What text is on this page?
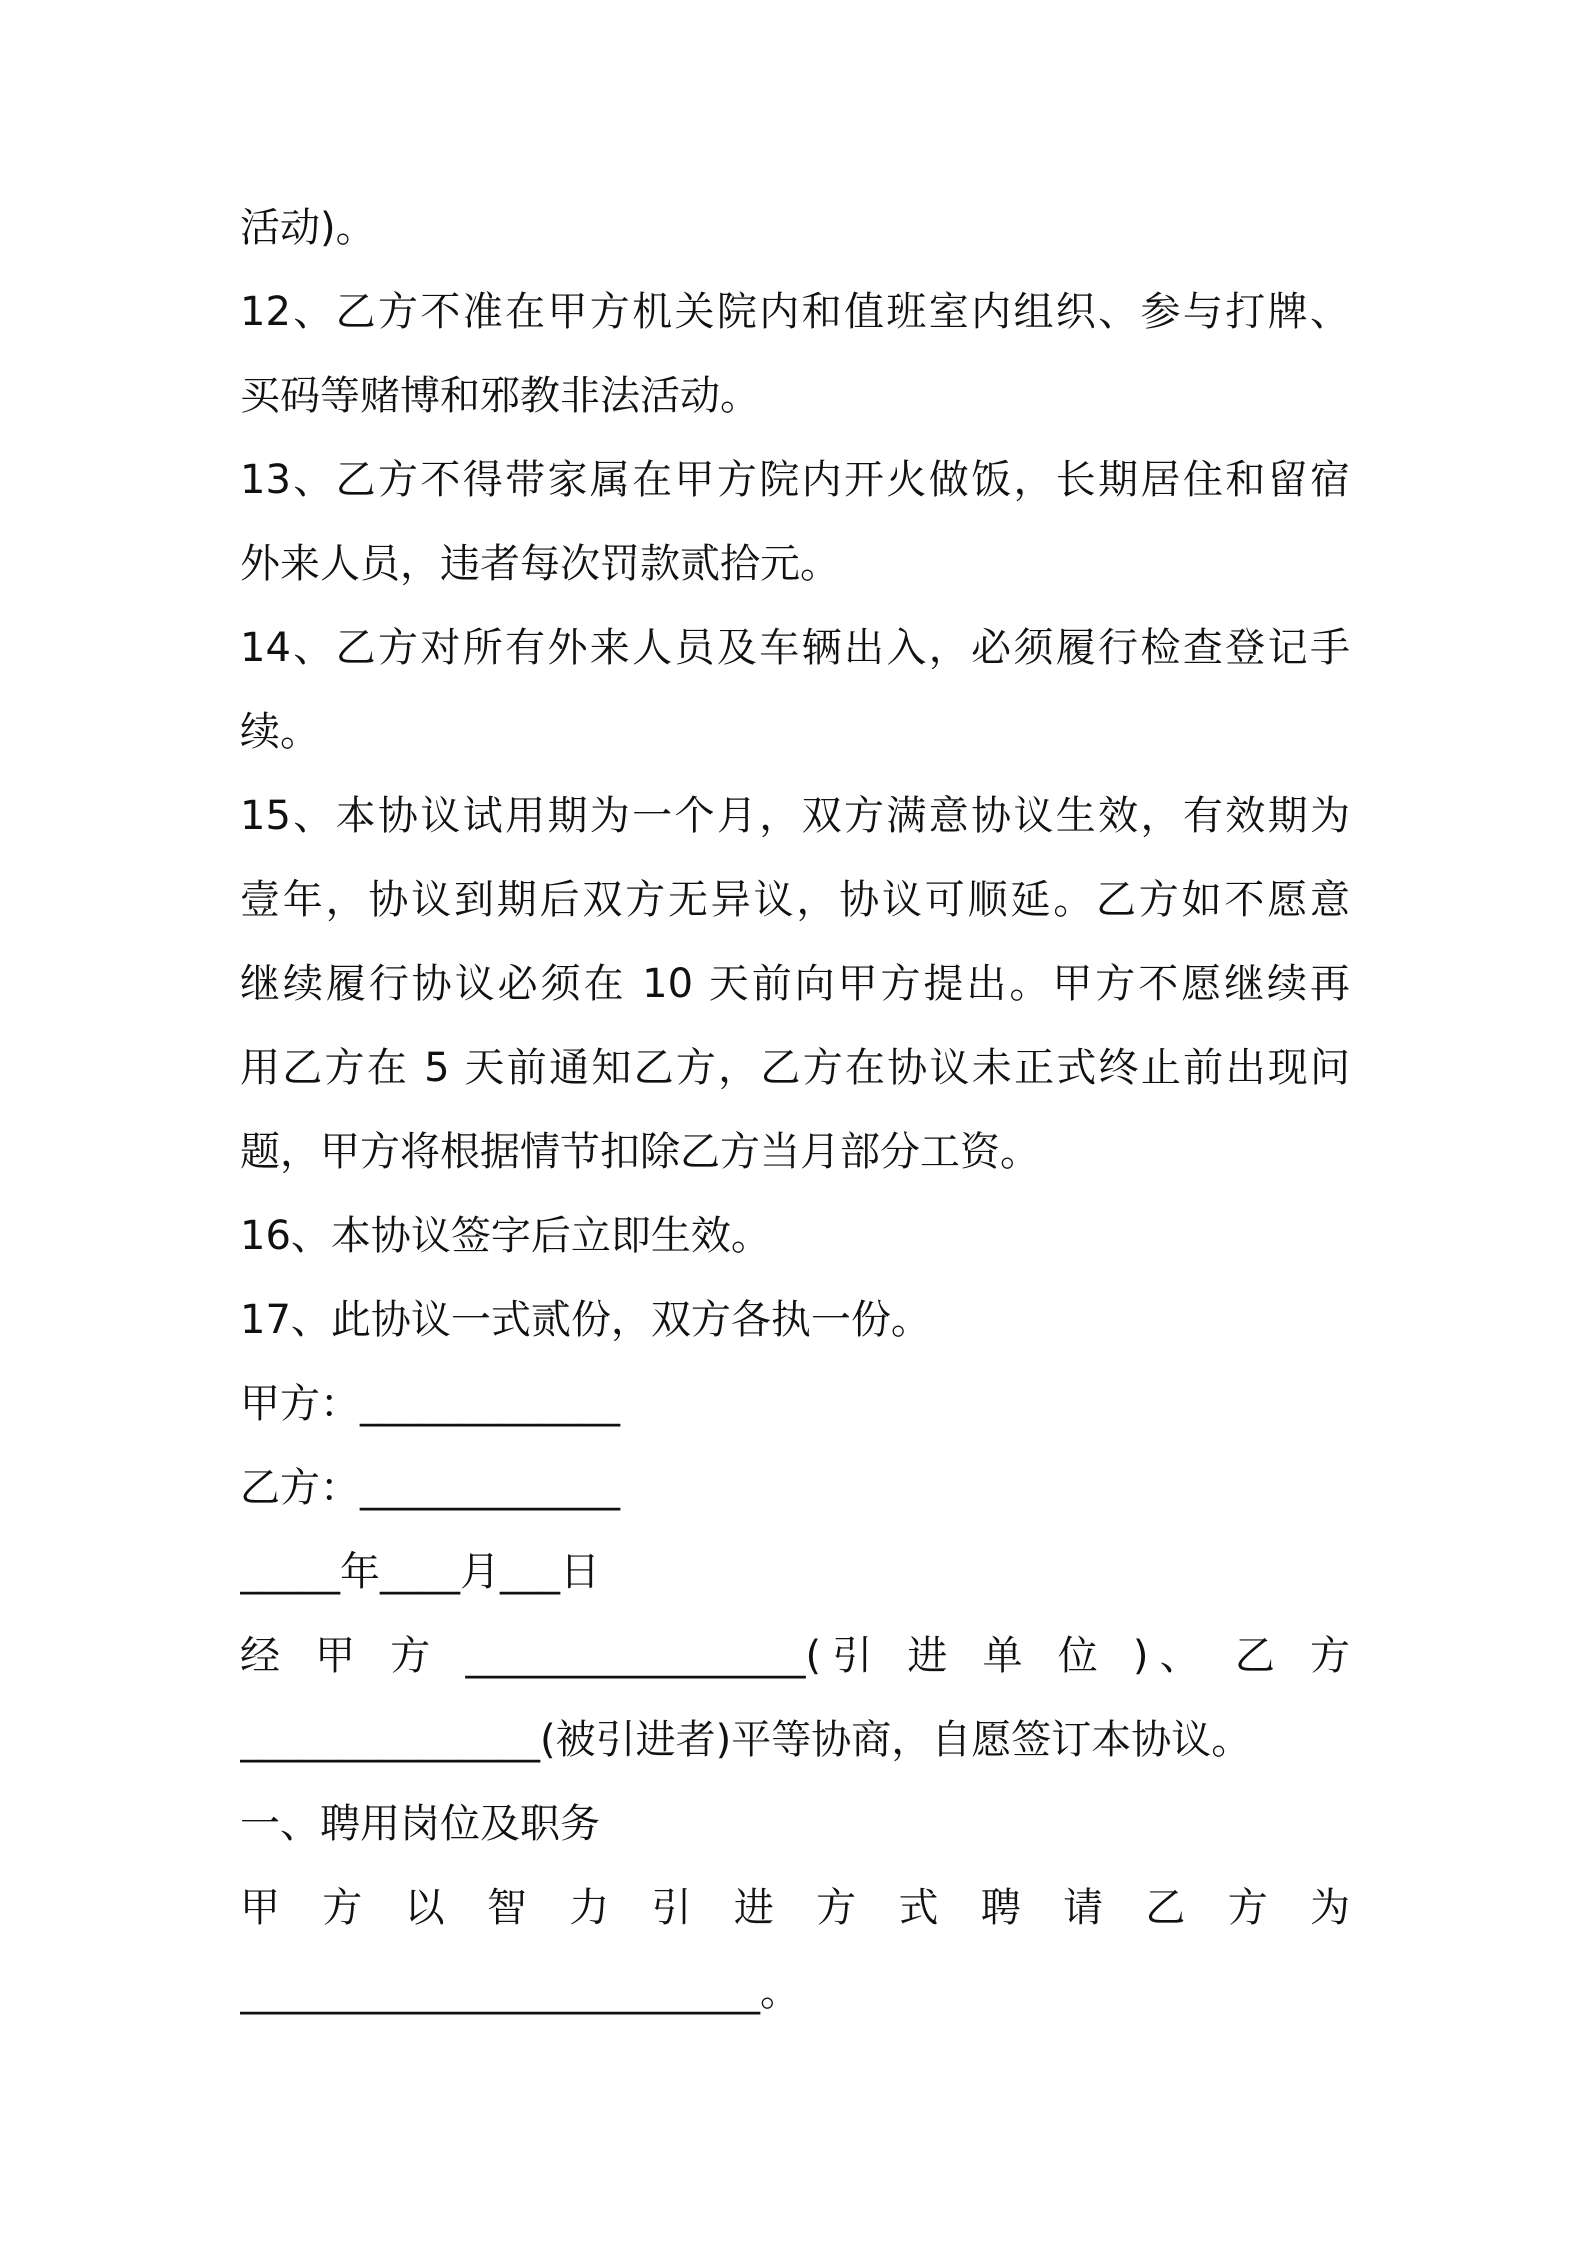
活动)。
12、乙方不准在甲方机关院内和值班室内组织、参与打牌、
买码等赌博和邪教非法活动。
13、乙方不得带家属在甲方院内开火做饭，长期居住和留宿
外来人员，违者每次罚款贰拾元。
14、乙方对所有外来人员及车辆出入，必须履行检查登记手
续。
15、本协议试用期为一个月，双方满意协议生效，有效期为
壹年，协议到期后双方无异议，协议可顺延。乙方如不愿意
继续履行协议必须在 10 天前向甲方提出。甲方不愿继续再
用乙方在 5 天前通知乙方，乙方在协议未正式终止前出现问
题，甲方将根据情节扣除乙方当月部分工资。
16、本协议签字后立即生效。
17、此协议一式贰份，双方各执一份。
甲方：_____________
乙方：_____________
_____年____月___日
经 甲 方 _________________(引 进 单 位 )、 乙 方
_______________(被引进者)平等协商，自愿签订本协议。
一、聘用岗位及职务
甲 方 以 智 力 引 进 方 式 聘 请 乙 方 为
__________________________。
